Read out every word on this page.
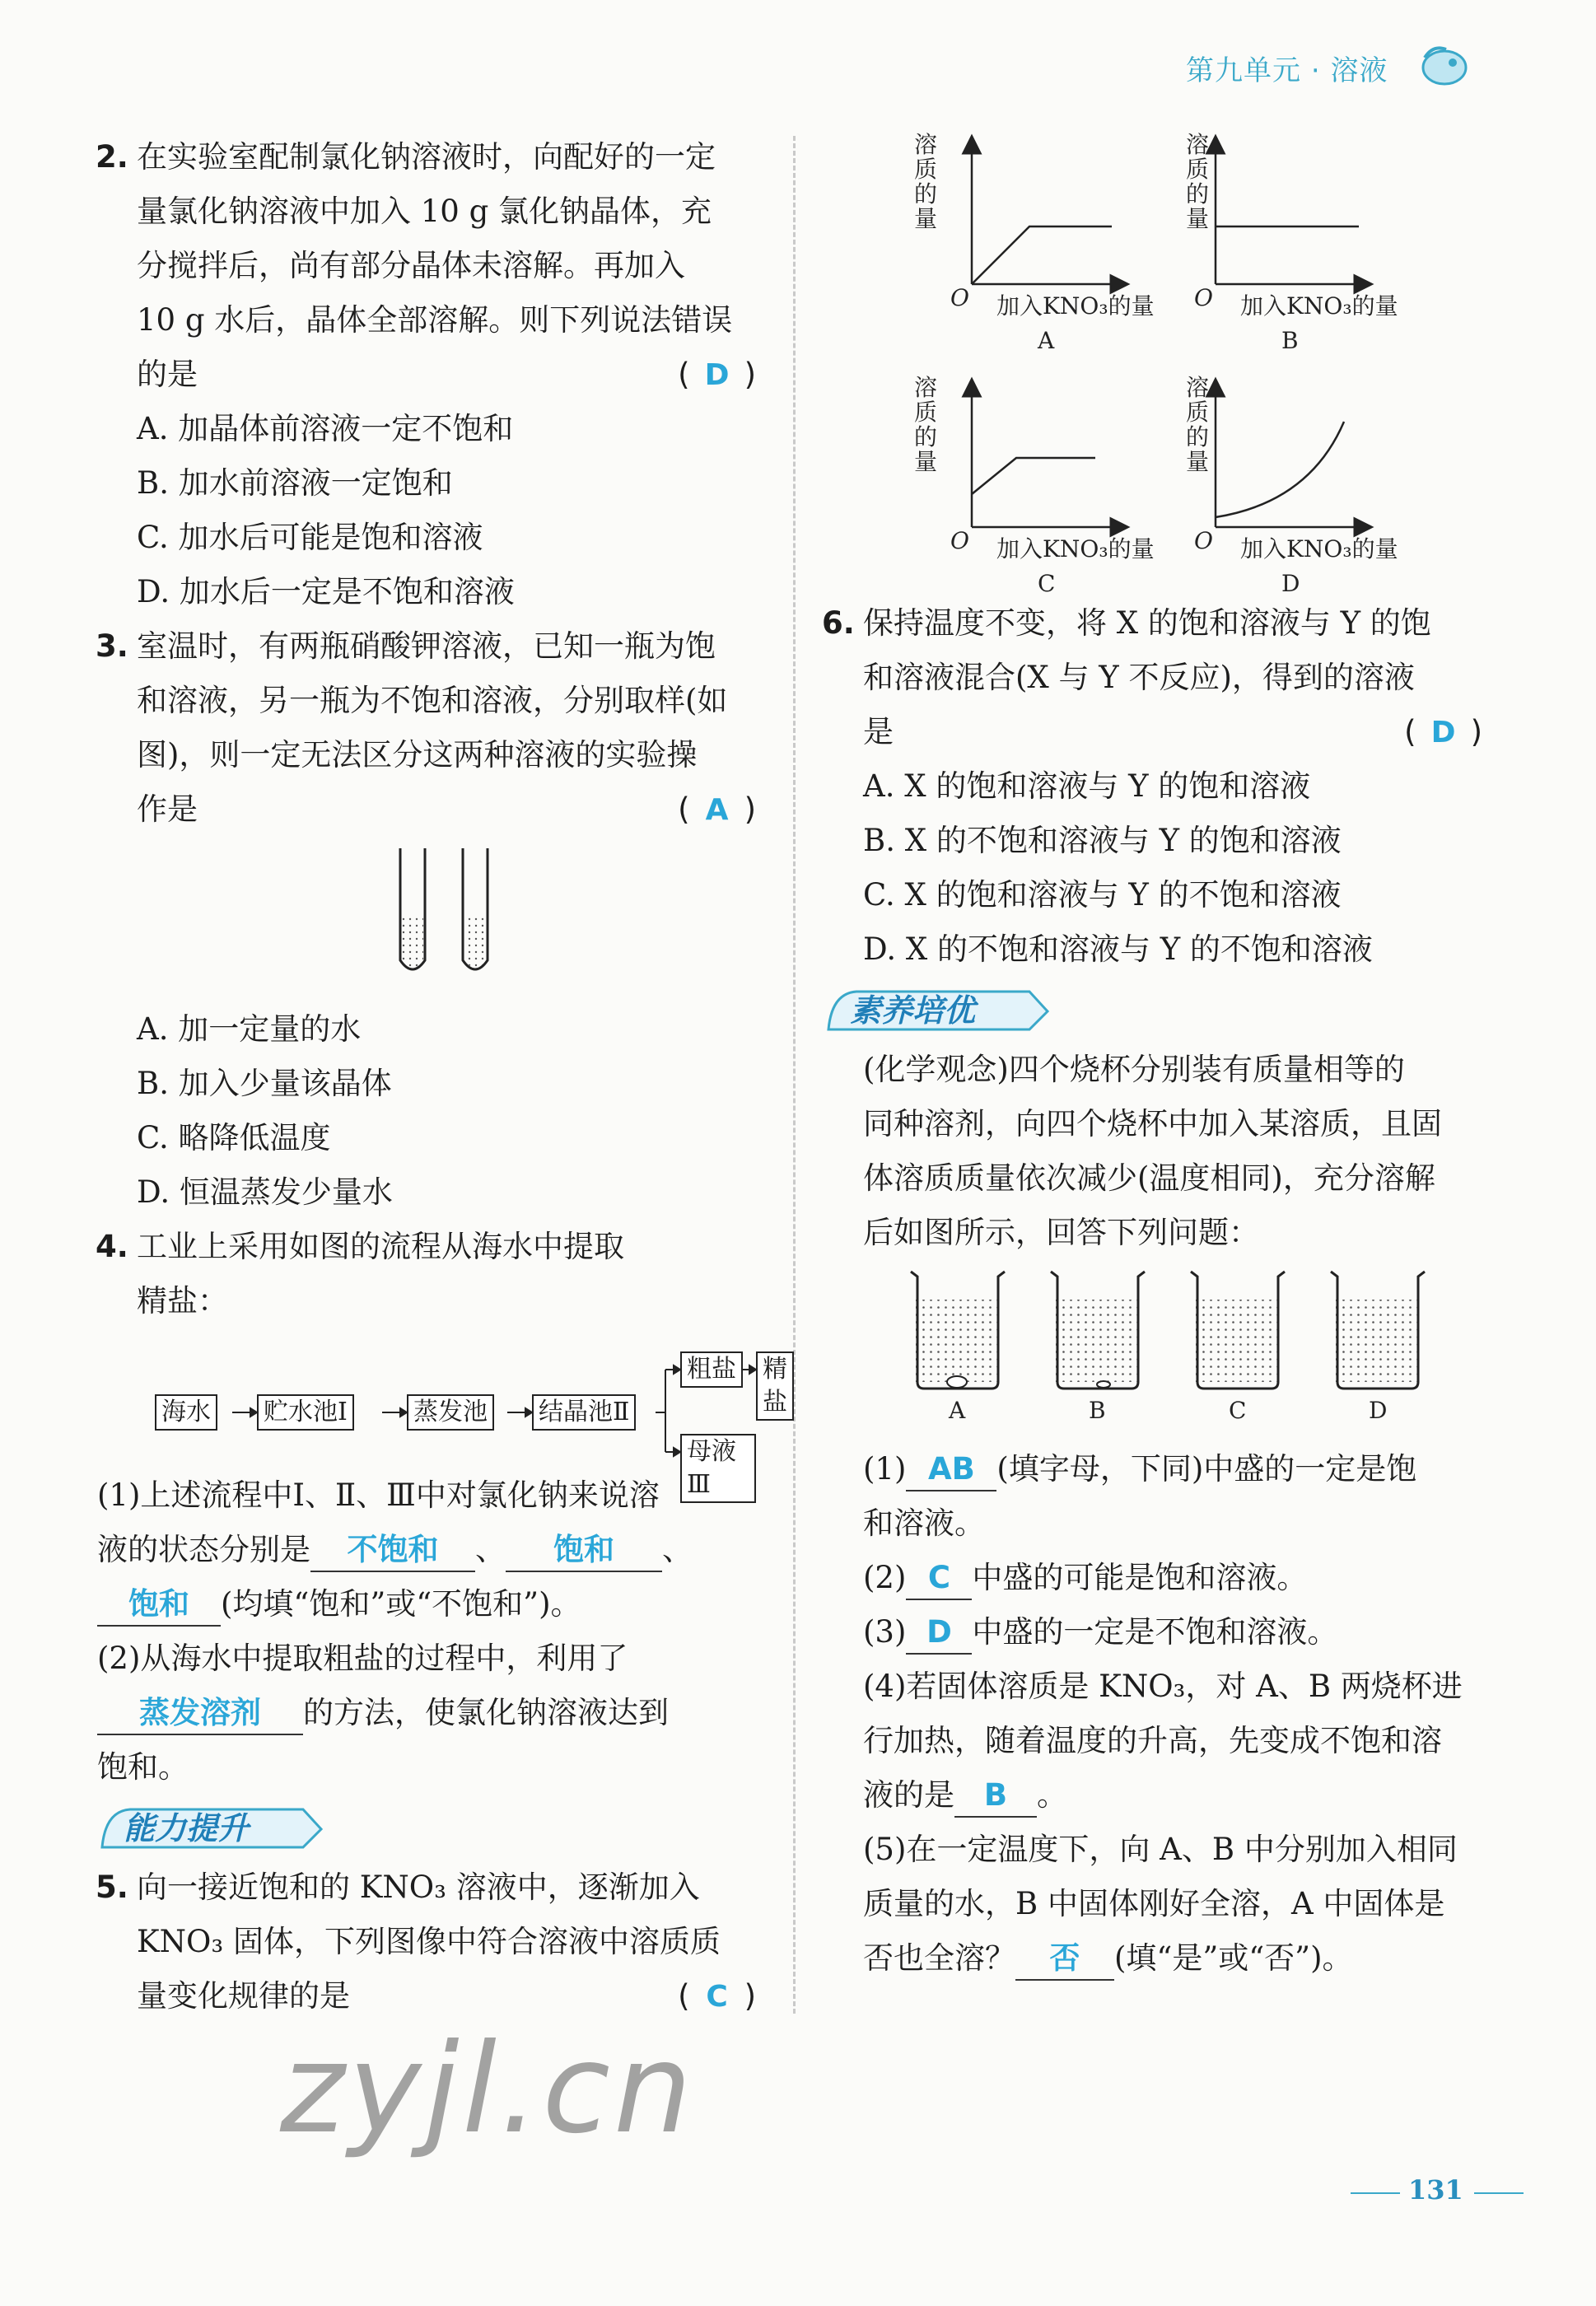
第九单元 · 溶液
2. 在实验室配制氯化钠溶液时，向配好的一定
量氯化钠溶液中加入 10 g 氯化钠晶体，充
分搅拌后，尚有部分晶体未溶解。再加入
10 g 水后，晶体全部溶解。则下列说法错误
的是	( D )
A. 加晶体前溶液一定不饱和
B. 加水前溶液一定饱和
C. 加水后可能是饱和溶液
D. 加水后一定是不饱和溶液
3. 室温时，有两瓶硝酸钾溶液，已知一瓶为饱
和溶液，另一瓶为不饱和溶液，分别取样(如
图)，则一定无法区分这两种溶液的实验操
作是	( A )
A. 加一定量的水
B. 加入少量该晶体
C. 略降低温度
D. 恒温蒸发少量水
4. 工业上采用如图的流程从海水中提取
精盐：
海水 贮水池Ⅰ	蒸发池 结晶池Ⅱ
粗盐 精盐
母液Ⅲ
(1)上述流程中Ⅰ、Ⅱ、Ⅲ中对氯化钠来说溶
液的状态分别是 不饱和 、 饱和 、
饱和 (均填“饱和”或“不饱和”)。
(2)从海水中提取粗盐的过程中，利用了
蒸发溶剂 的方法，使氯化钠溶液达到
饱和。
能力提升
5. 向一接近饱和的 KNO₃ 溶液中，逐渐加入
KNO₃ 固体，下列图像中符合溶液中溶质质
量变化规律的是	( C )
溶
质
的
量
O 加入KNO₃的量
A
溶
质
的
量
O 加入KNO₃的量
B
溶
质
的
量
O 加入KNO₃的量
C
溶
质
的
量
O 加入KNO₃的量
D
6. 保持温度不变，将 X 的饱和溶液与 Y 的饱
和溶液混合(X 与 Y 不反应)，得到的溶液
是	( D )
A. X 的饱和溶液与 Y 的饱和溶液
B. X 的不饱和溶液与 Y 的饱和溶液
C. X 的饱和溶液与 Y 的不饱和溶液
D. X 的不饱和溶液与 Y 的不饱和溶液
素养培优
(化学观念)四个烧杯分别装有质量相等的
同种溶剂，向四个烧杯中加入某溶质，且固
体溶质质量依次减少(温度相同)，充分溶解
后如图所示，回答下列问题：
A	B	C	D
(1) AB (填字母，下同)中盛的一定是饱
和溶液。
(2) C 中盛的可能是饱和溶液。
(3) D 中盛的一定是不饱和溶液。
(4)若固体溶质是 KNO₃，对 A、B 两烧杯进
行加热，随着温度的升高，先变成不饱和溶
液的是 B 。
(5)在一定温度下，向 A、B 中分别加入相同
质量的水，B 中固体刚好全溶，A 中固体是
否也全溶？ 否 (填“是”或“否”)。
zyjl.cn
131
